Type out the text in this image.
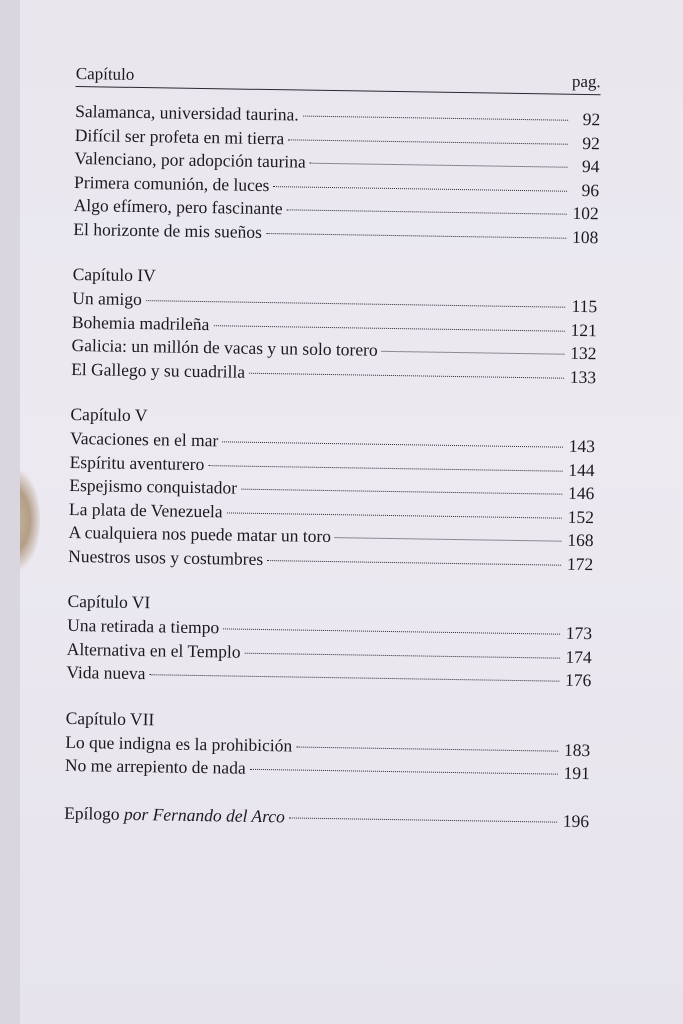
Capítulo	pag.
Salamanca, universidad taurina.	92
Difícil ser profeta en mi tierra	92
Valenciano, por adopción taurina	94
Primera comunión, de luces	96
Algo efímero, pero fascinante	102
El horizonte de mis sueños	108
Capítulo IV
Un amigo	115
Bohemia madrileña	121
Galicia: un millón de vacas y un solo torero	132
El Gallego y su cuadrilla	133
Capítulo V
Vacaciones en el mar	143
Espíritu aventurero	144
Espejismo conquistador	146
La plata de Venezuela	152
A cualquiera nos puede matar un toro	168
Nuestros usos y costumbres	172
Capítulo VI
Una retirada a tiempo	173
Alternativa en el Templo	174
Vida nueva	176
Capítulo VII
Lo que indigna es la prohibición	183
No me arrepiento de nada	191
Epílogo por Fernando del Arco	196
